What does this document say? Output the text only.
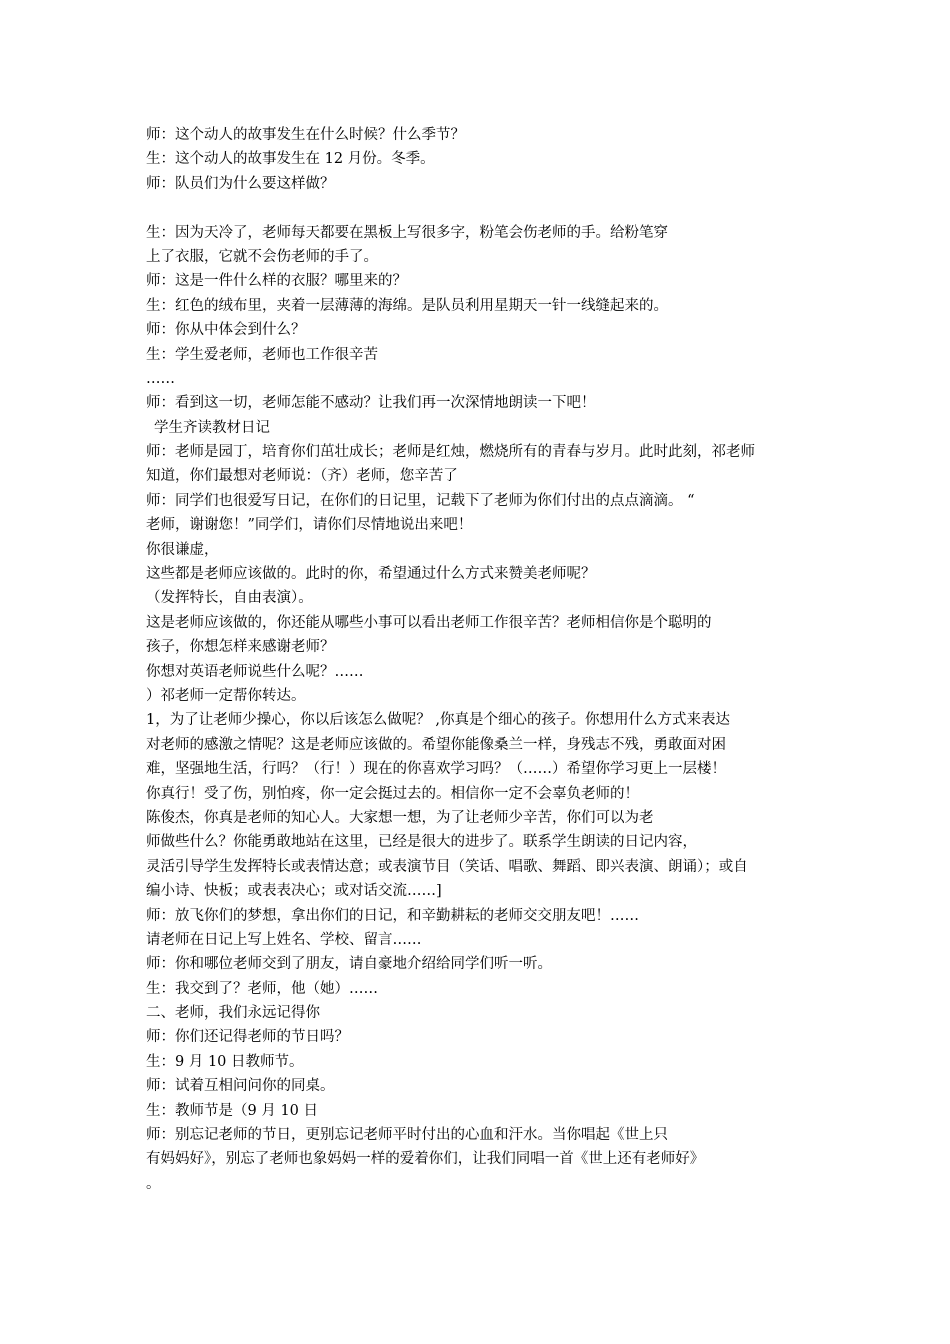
师：这个动人的故事发生在什么时候？什么季节？
生：这个动人的故事发生在 12 月份。冬季。
师：队员们为什么要这样做？
生：因为天冷了，老师每天都要在黑板上写很多字，粉笔会伤老师的手。给粉笔穿
上了衣服，它就不会伤老师的手了。
师：这是一件什么样的衣服？哪里来的？
生：红色的绒布里，夹着一层薄薄的海绵。是队员利用星期天一针一线缝起来的。
师：你从中体会到什么？
生：学生爱老师，老师也工作很辛苦
……
师：看到这一切，老师怎能不感动？让我们再一次深情地朗读一下吧！
学生齐读教材日记
师：老师是园丁，培育你们茁壮成长；老师是红烛，燃烧所有的青春与岁月。此时此刻，祁老师
知道，你们最想对老师说：（齐）老师，您辛苦了
师：同学们也很爱写日记，在你们的日记里，记载下了老师为你们付出的点点滴滴。 “
老师，谢谢您！”同学们，请你们尽情地说出来吧！
你很谦虚，
这些都是老师应该做的。此时的你，希望通过什么方式来赞美老师呢？
（发挥特长，自由表演）。
这是老师应该做的，你还能从哪些小事可以看出老师工作很辛苦？老师相信你是个聪明的
孩子，你想怎样来感谢老师？
你想对英语老师说些什么呢？……
）祁老师一定帮你转达。
1，为了让老师少操心，你以后该怎么做呢？ ,你真是个细心的孩子。你想用什么方式来表达
对老师的感激之情呢？这是老师应该做的。希望你能像桑兰一样，身残志不残，勇敢面对困
难，坚强地生活，行吗？（行！）现在的你喜欢学习吗？（……）希望你学习更上一层楼！
你真行！受了伤，别怕疼，你一定会挺过去的。相信你一定不会辜负老师的！
陈俊杰，你真是老师的知心人。大家想一想，为了让老师少辛苦，你们可以为老
师做些什么？你能勇敢地站在这里，已经是很大的进步了。联系学生朗读的日记内容，
灵活引导学生发挥特长或表情达意；或表演节目（笑话、唱歌、舞蹈、即兴表演、朗诵）；或自
编小诗、快板；或表表决心；或对话交流……]
师：放飞你们的梦想，拿出你们的日记，和辛勤耕耘的老师交交朋友吧！……
请老师在日记上写上姓名、学校、留言……
师：你和哪位老师交到了朋友，请自豪地介绍给同学们听一听。
生：我交到了？老师，他（她）……
二、老师，我们永远记得你
师：你们还记得老师的节日吗？
生：9 月 10 日教师节。
师：试着互相问问你的同桌。
生：教师节是（9 月 10 日
师：别忘记老师的节日，更别忘记老师平时付出的心血和汗水。当你唱起《世上只
有妈妈好》，别忘了老师也象妈妈一样的爱着你们，让我们同唱一首《世上还有老师好》
。
